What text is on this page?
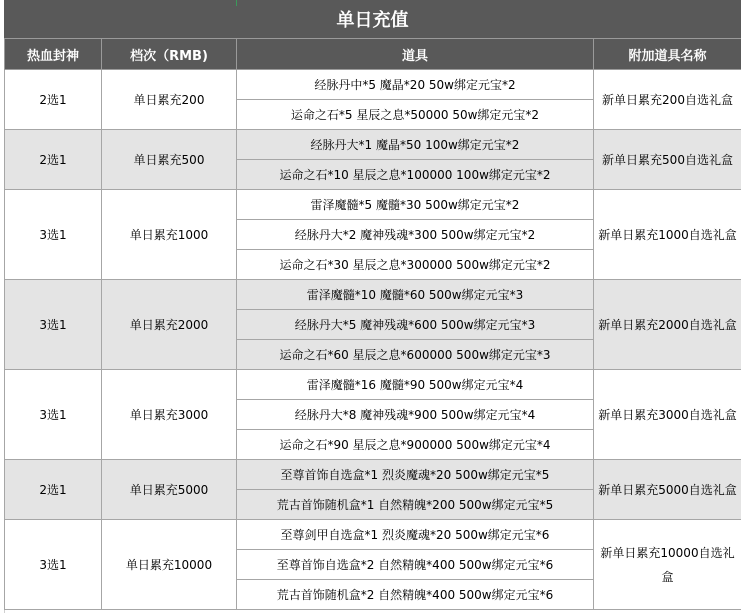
单日充值
热血封神	档次（RMB)	道具	附加道具名称
2选1	单日累充200	经脉丹中*5 魔晶*20 50w绑定元宝*2	新单日累充200自选礼盒
		运命之石*5 星辰之息*50000 50w绑定元宝*2	
2选1	单日累充500	经脉丹大*1 魔晶*50 100w绑定元宝*2	新单日累充500自选礼盒
		运命之石*10 星辰之息*100000 100w绑定元宝*2	
3选1	单日累充1000	雷泽魔髓*5 魔髓*30 500w绑定元宝*2	新单日累充1000自选礼盒
		经脉丹大*2 魔神残魂*300 500w绑定元宝*2	
		运命之石*30 星辰之息*300000 500w绑定元宝*2	
3选1	单日累充2000	雷泽魔髓*10 魔髓*60 500w绑定元宝*3	新单日累充2000自选礼盒
		经脉丹大*5 魔神残魂*600 500w绑定元宝*3	
		运命之石*60 星辰之息*600000 500w绑定元宝*3	
3选1	单日累充3000	雷泽魔髓*16 魔髓*90 500w绑定元宝*4	新单日累充3000自选礼盒
		经脉丹大*8 魔神残魂*900 500w绑定元宝*4	
		运命之石*90 星辰之息*900000 500w绑定元宝*4	
2选1	单日累充5000	至尊首饰自选盒*1 烈炎魔魂*20 500w绑定元宝*5	新单日累充5000自选礼盒
		荒古首饰随机盒*1 自然精魄*200 500w绑定元宝*5	
3选1	单日累充10000	至尊剑甲自选盒*1 烈炎魔魂*20 500w绑定元宝*6	新单日累充10000自选礼盒
		至尊首饰自选盒*2 自然精魄*400 500w绑定元宝*6	
		荒古首饰随机盒*2 自然精魄*400 500w绑定元宝*6	
